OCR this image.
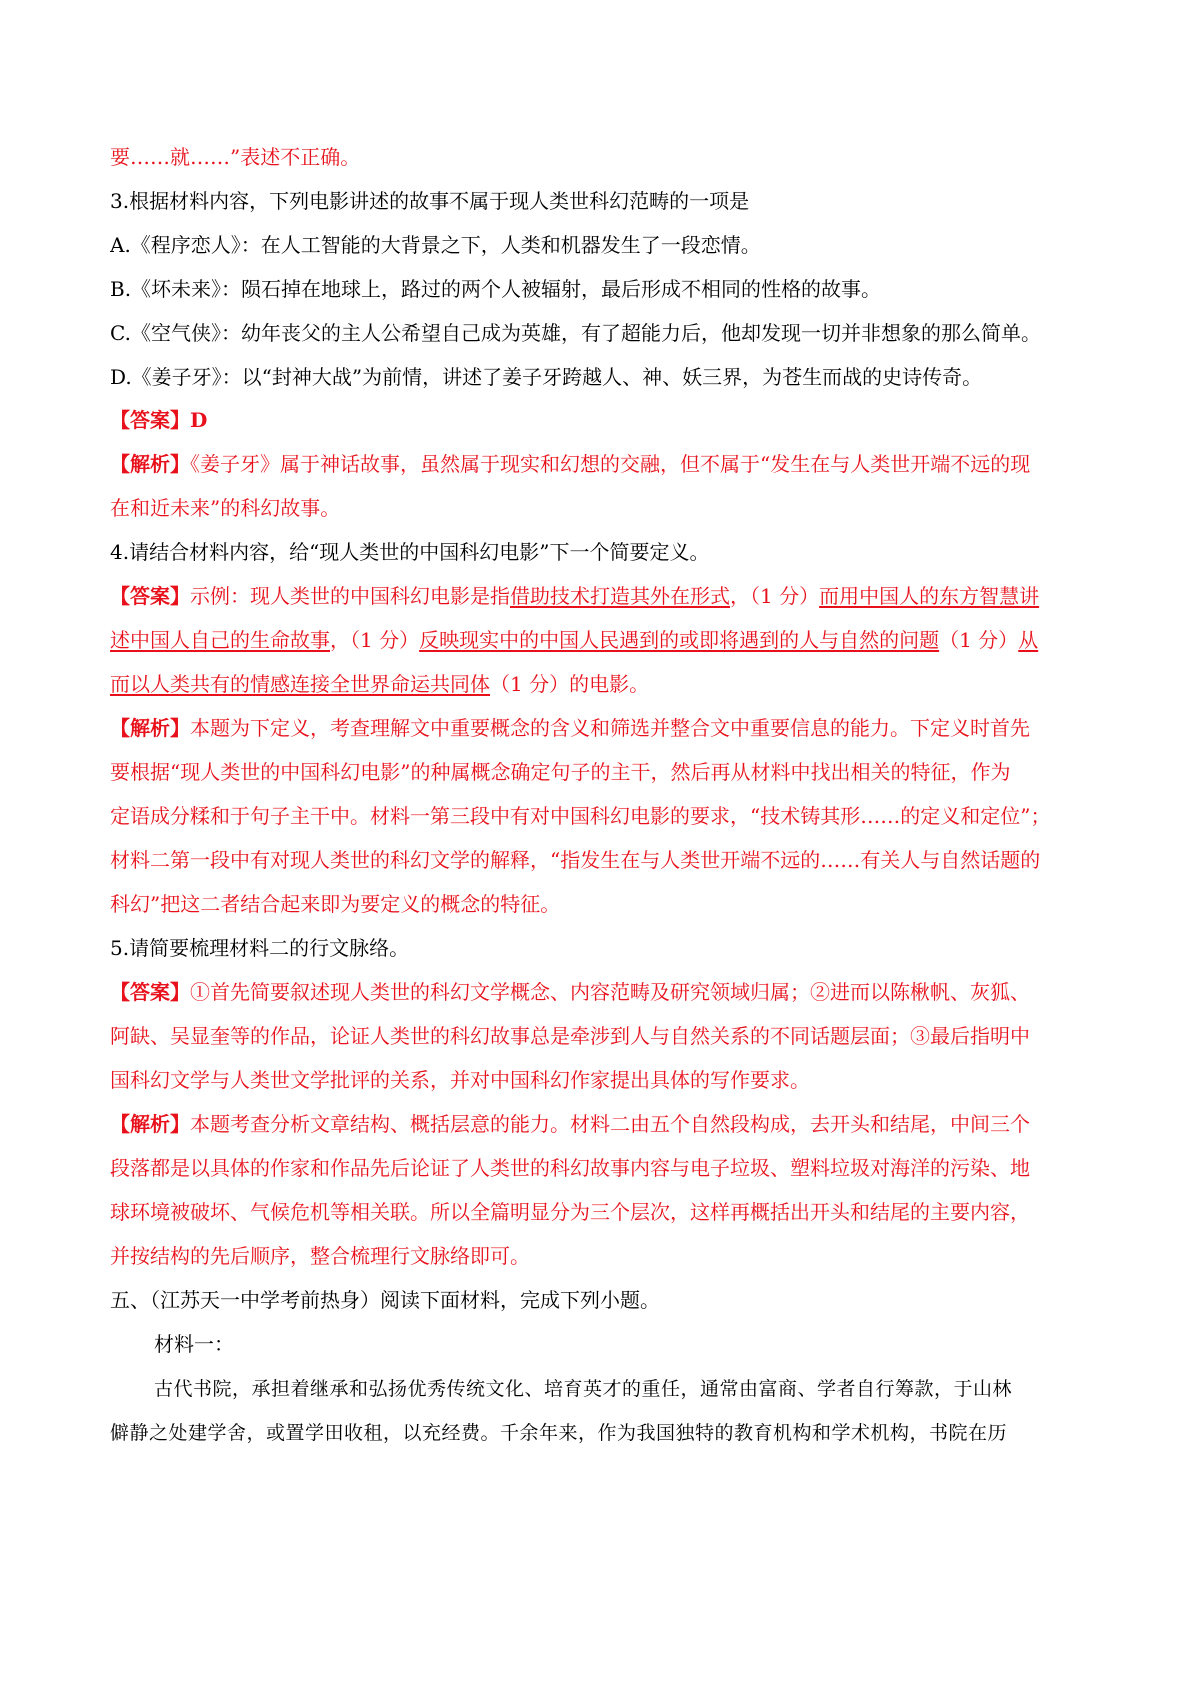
要……就……”表述不正确。
3.根据材料内容，下列电影讲述的故事不属于现人类世科幻范畴的一项是
A.《程序恋人》：在人工智能的大背景之下，人类和机器发生了一段恋情。
B.《坏未来》：陨石掉在地球上，路过的两个人被辐射，最后形成不相同的性格的故事。
C.《空气侠》：幼年丧父的主人公希望自己成为英雄，有了超能力后，他却发现一切并非想象的那么简单。
D.《姜子牙》：以“封神大战”为前情，讲述了姜子牙跨越人、神、妖三界，为苍生而战的史诗传奇。
【答案】D
【解析】《姜子牙》属于神话故事，虽然属于现实和幻想的交融，但不属于“发生在与人类世开端不远的现
在和近未来”的科幻故事。
4.请结合材料内容，给“现人类世的中国科幻电影”下一个简要定义。
【答案】示例：现人类世的中国科幻电影是指借助技术打造其外在形式，（1 分）而用中国人的东方智慧讲
述中国人自己的生命故事，（1 分）反映现实中的中国人民遇到的或即将遇到的人与自然的问题（1 分）从
而以人类共有的情感连接全世界命运共同体（1 分）的电影。
【解析】本题为下定义，考查理解文中重要概念的含义和筛选并整合文中重要信息的能力。下定义时首先
要根据“现人类世的中国科幻电影”的种属概念确定句子的主干，然后再从材料中找出相关的特征，作为
定语成分糅和于句子主干中。材料一第三段中有对中国科幻电影的要求，“技术铸其形……的定义和定位”；
材料二第一段中有对现人类世的科幻文学的解释，“指发生在与人类世开端不远的……有关人与自然话题的
科幻”把这二者结合起来即为要定义的概念的特征。
5.请简要梳理材料二的行文脉络。
【答案】①首先简要叙述现人类世的科幻文学概念、内容范畴及研究领域归属；②进而以陈楸帆、灰狐、
阿缺、吴显奎等的作品，论证人类世的科幻故事总是牵涉到人与自然关系的不同话题层面；③最后指明中
国科幻文学与人类世文学批评的关系，并对中国科幻作家提出具体的写作要求。
【解析】本题考查分析文章结构、概括层意的能力。材料二由五个自然段构成，去开头和结尾，中间三个
段落都是以具体的作家和作品先后论证了人类世的科幻故事内容与电子垃圾、塑料垃圾对海洋的污染、地
球环境被破坏、气候危机等相关联。所以全篇明显分为三个层次，这样再概括出开头和结尾的主要内容，
并按结构的先后顺序，整合梳理行文脉络即可。
五、（江苏天一中学考前热身）阅读下面材料，完成下列小题。
材料一：
古代书院，承担着继承和弘扬优秀传统文化、培育英才的重任，通常由富商、学者自行筹款，于山林
僻静之处建学舍，或置学田收租，以充经费。千余年来，作为我国独特的教育机构和学术机构，书院在历
